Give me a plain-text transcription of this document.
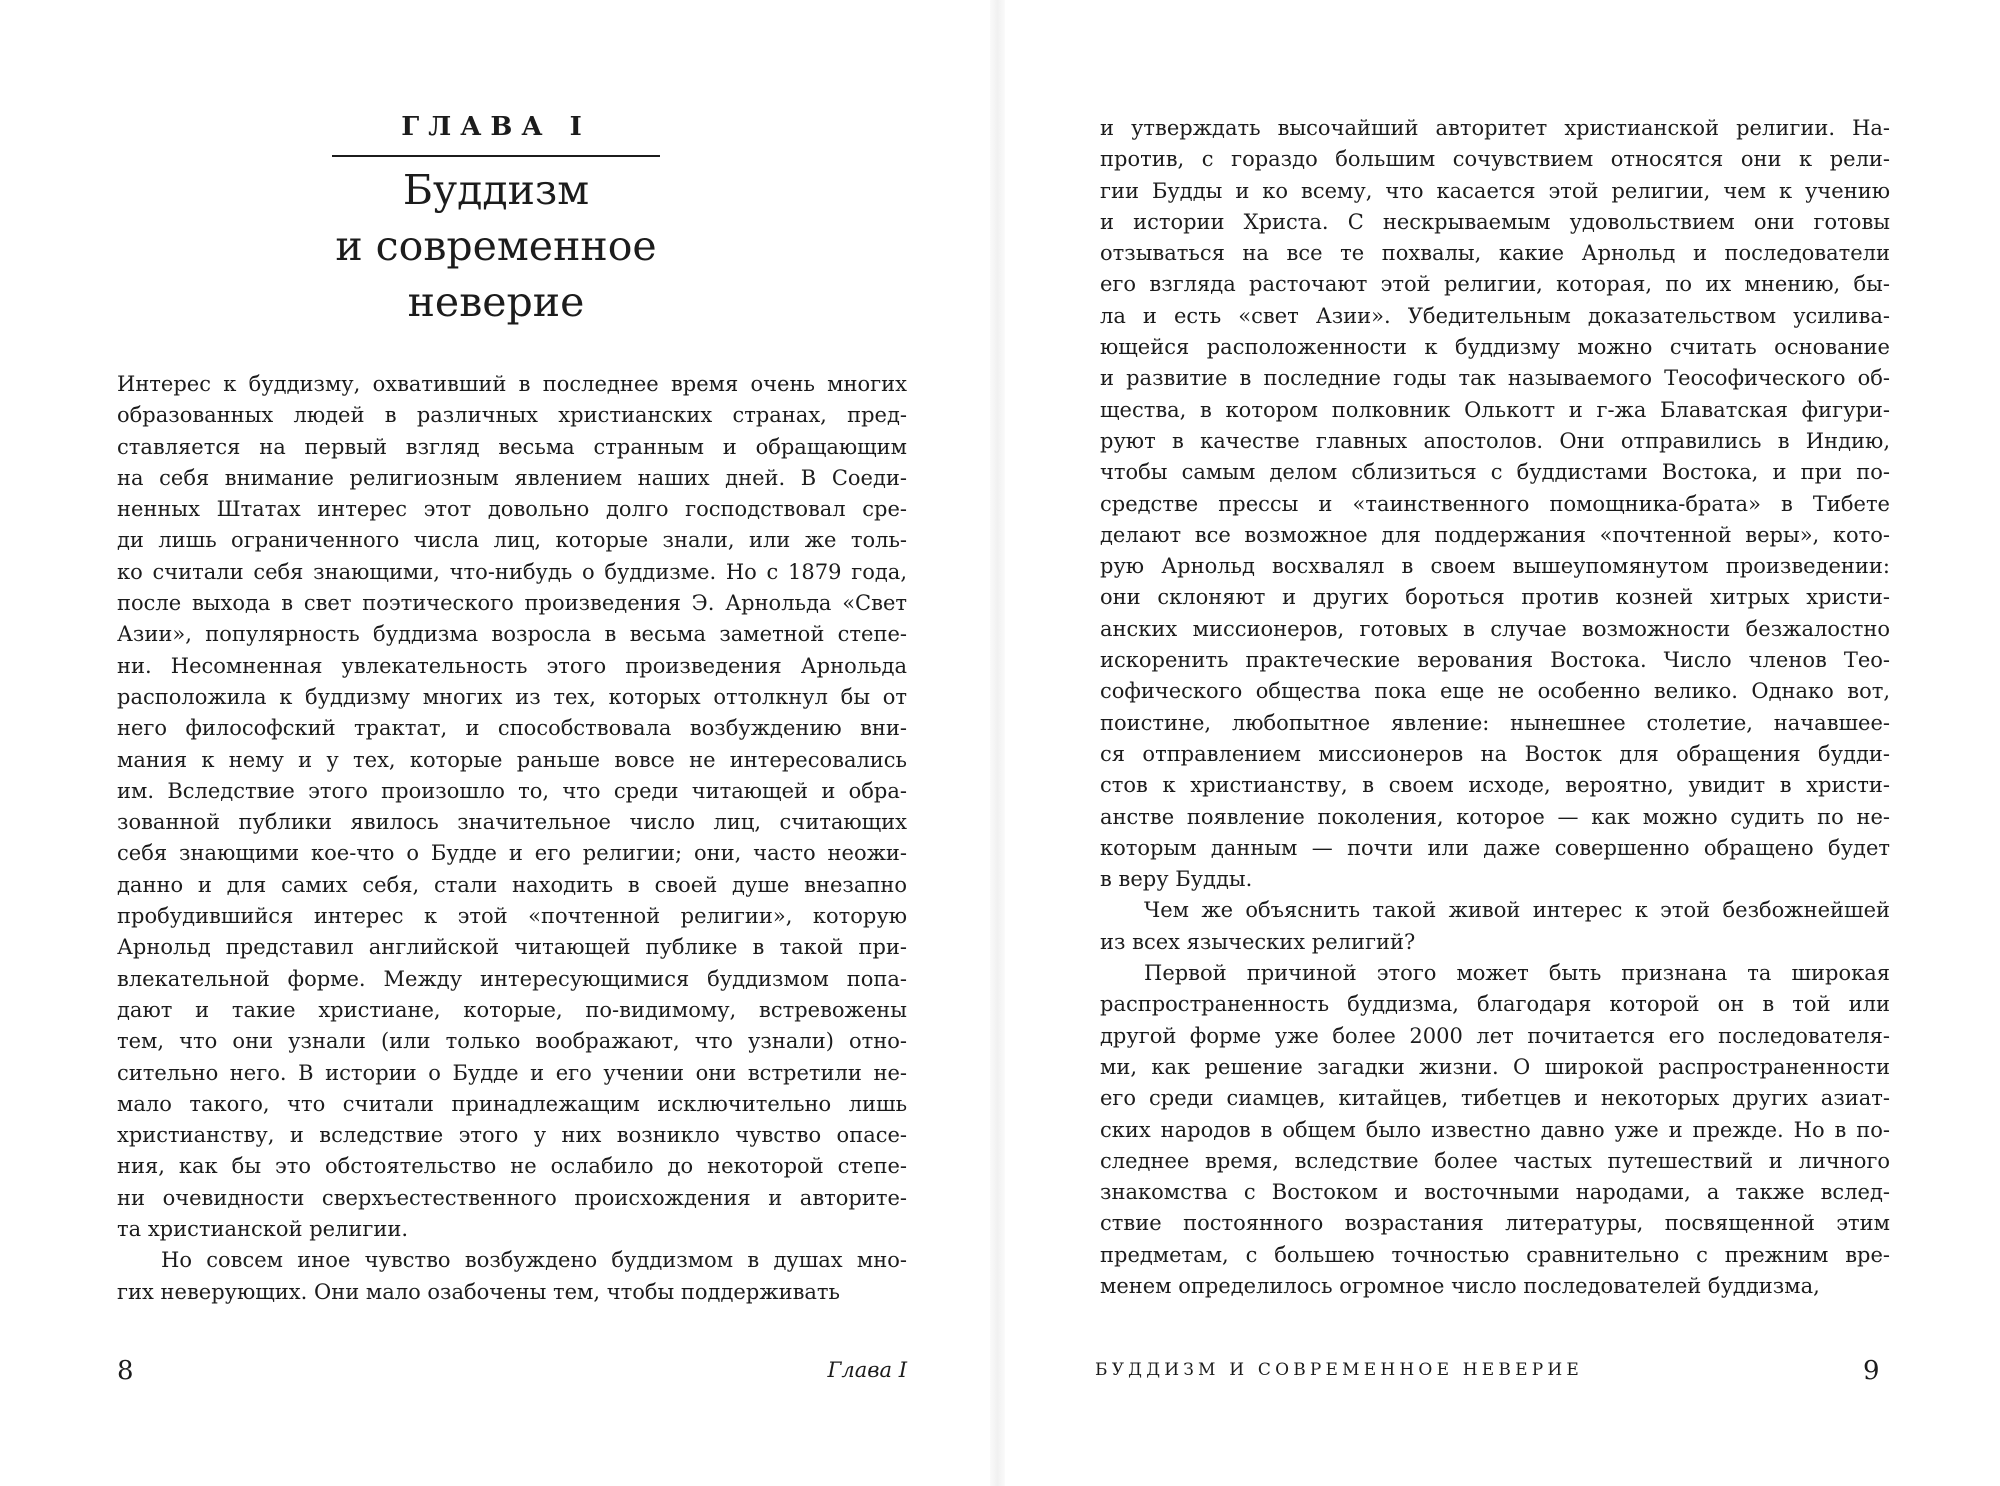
ГЛАВА I
Буддизм
и современное неверие
Интерес к буддизму, охвативший в последнее время очень многих
образованных людей в различных христианских странах, пред-
ставляется на первый взгляд весьма странным и обращающим
на себя внимание религиозным явлением наших дней. В Соеди-
ненных Штатах интерес этот довольно долго господствовал сре-
ди лишь ограниченного числа лиц, которые знали, или же толь-
ко считали себя знающими, что-нибудь о буддизме. Но с 1879 года,
после выхода в свет поэтического произведения Э. Арнольда «Свет
Азии», популярность буддизма возросла в весьма заметной степе-
ни. Несомненная увлекательность этого произведения Арнольда
расположила к буддизму многих из тех, которых оттолкнул бы от
него философский трактат, и способствовала возбуждению вни-
мания к нему и у тех, которые раньше вовсе не интересовались
им. Вследствие этого произошло то, что среди читающей и обра-
зованной публики явилось значительное число лиц, считающих
себя знающими кое-что о Будде и его религии; они, часто неожи-
данно и для самих себя, стали находить в своей душе внезапно
пробудившийся интерес к этой «почтенной религии», которую
Арнольд представил английской читающей публике в такой при-
влекательной форме. Между интересующимися буддизмом попа-
дают и такие христиане, которые, по-видимому, встревожены
тем, что они узнали (или только воображают, что узнали) отно-
сительно него. В истории о Будде и его учении они встретили не-
мало такого, что считали принадлежащим исключительно лишь
христианству, и вследствие этого у них возникло чувство опасе-
ния, как бы это обстоятельство не ослабило до некоторой степе-
ни очевидности сверхъестественного происхождения и авторите-
та христианской религии.
Но совсем иное чувство возбуждено буддизмом в душах мно-
гих неверующих. Они мало озабочены тем, чтобы поддерживать

8	Глава I

и утверждать высочайший авторитет христианской религии. На-
против, с гораздо большим сочувствием относятся они к рели-
гии Будды и ко всему, что касается этой религии, чем к учению
и истории Христа. С нескрываемым удовольствием они готовы
отзываться на все те похвалы, какие Арнольд и последователи
его взгляда расточают этой религии, которая, по их мнению, бы-
ла и есть «свет Азии». Убедительным доказательством усилива-
ющейся расположенности к буддизму можно считать основание
и развитие в последние годы так называемого Теософического об-
щества, в котором полковник Олькотт и г-жа Блаватская фигури-
руют в качестве главных апостолов. Они отправились в Индию,
чтобы самым делом сблизиться с буддистами Востока, и при по-
средстве прессы и «таинственного помощника-брата» в Тибете
делают все возможное для поддержания «почтенной веры», кото-
рую Арнольд восхвалял в своем вышеупомянутом произведении:
они склоняют и других бороться против козней хитрых христи-
анских миссионеров, готовых в случае возможности безжалостно
искоренить практеческие верования Востока. Число членов Тео-
софического общества пока еще не особенно велико. Однако вот,
поистине, любопытное явление: нынешнее столетие, начавшее-
ся отправлением миссионеров на Восток для обращения будди-
стов к христианству, в своем исходе, вероятно, увидит в христи-
анстве появление поколения, которое — как можно судить по не-
которым данным — почти или даже совершенно обращено будет
в веру Будды.
Чем же объяснить такой живой интерес к этой безбожнейшей
из всех языческих религий?
Первой причиной этого может быть признана та широкая
распространенность буддизма, благодаря которой он в той или
другой форме уже более 2000 лет почитается его последователя-
ми, как решение загадки жизни. О широкой распространенности
его среди сиамцев, китайцев, тибетцев и некоторых других азиат-
ских народов в общем было известно давно уже и прежде. Но в по-
следнее время, вследствие более частых путешествий и личного
знакомства с Востоком и восточными народами, а также вслед-
ствие постоянного возрастания литературы, посвященной этим
предметам, с большею точностью сравнительно с прежним вре-
менем определилось огромное число последователей буддизма,

БУДДИЗМ И СОВРЕМЕННОЕ НЕВЕРИЕ	9
